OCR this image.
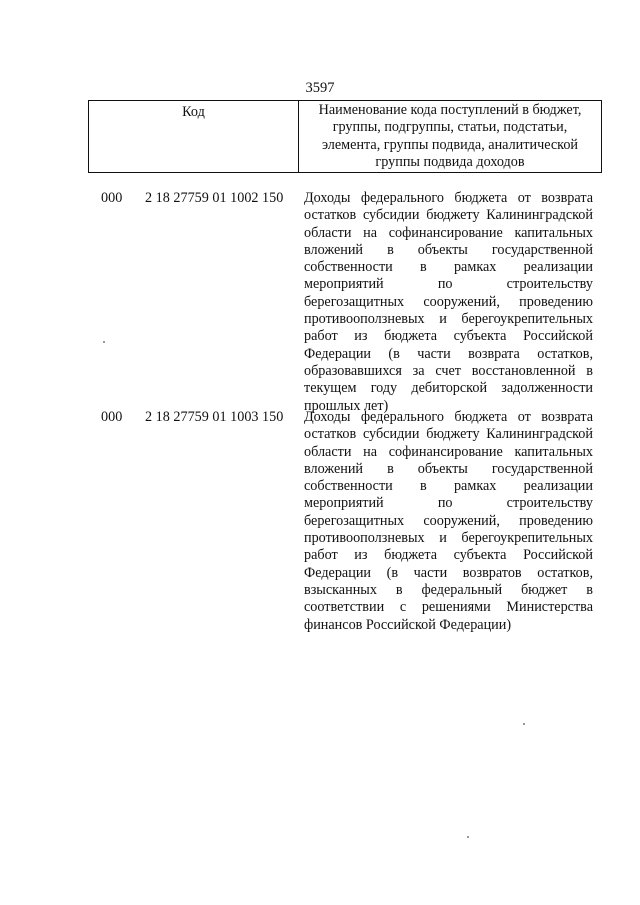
3597
Код	Наименование кода поступлений в бюджет, группы, подгруппы, статьи, подстатьи, элемента, группы подвида, аналитической группы подвида доходов
000 2 18 27759 01 1002 150 Доходы федерального бюджета от возврата остатков субсидии бюджету Калининградской области на софинансирование капитальных вложений в объекты государственной собственности в рамках реализации мероприятий по строительству берегозащитных сооружений, проведению противооползневых и берегоукрепительных работ из бюджета субъекта Российской Федерации (в части возврата остатков, образовавшихся за счет восстановленной в текущем году дебиторской задолженности прошлых лет)
000 2 18 27759 01 1003 150 Доходы федерального бюджета от возврата остатков субсидии бюджету Калининградской области на софинансирование капитальных вложений в объекты государственной собственности в рамках реализации мероприятий по строительству берегозащитных сооружений, проведению противооползневых и берегоукрепительных работ из бюджета субъекта Российской Федерации (в части возвратов остатков, взысканных в федеральный бюджет в соответствии с решениями Министерства финансов Российской Федерации)
